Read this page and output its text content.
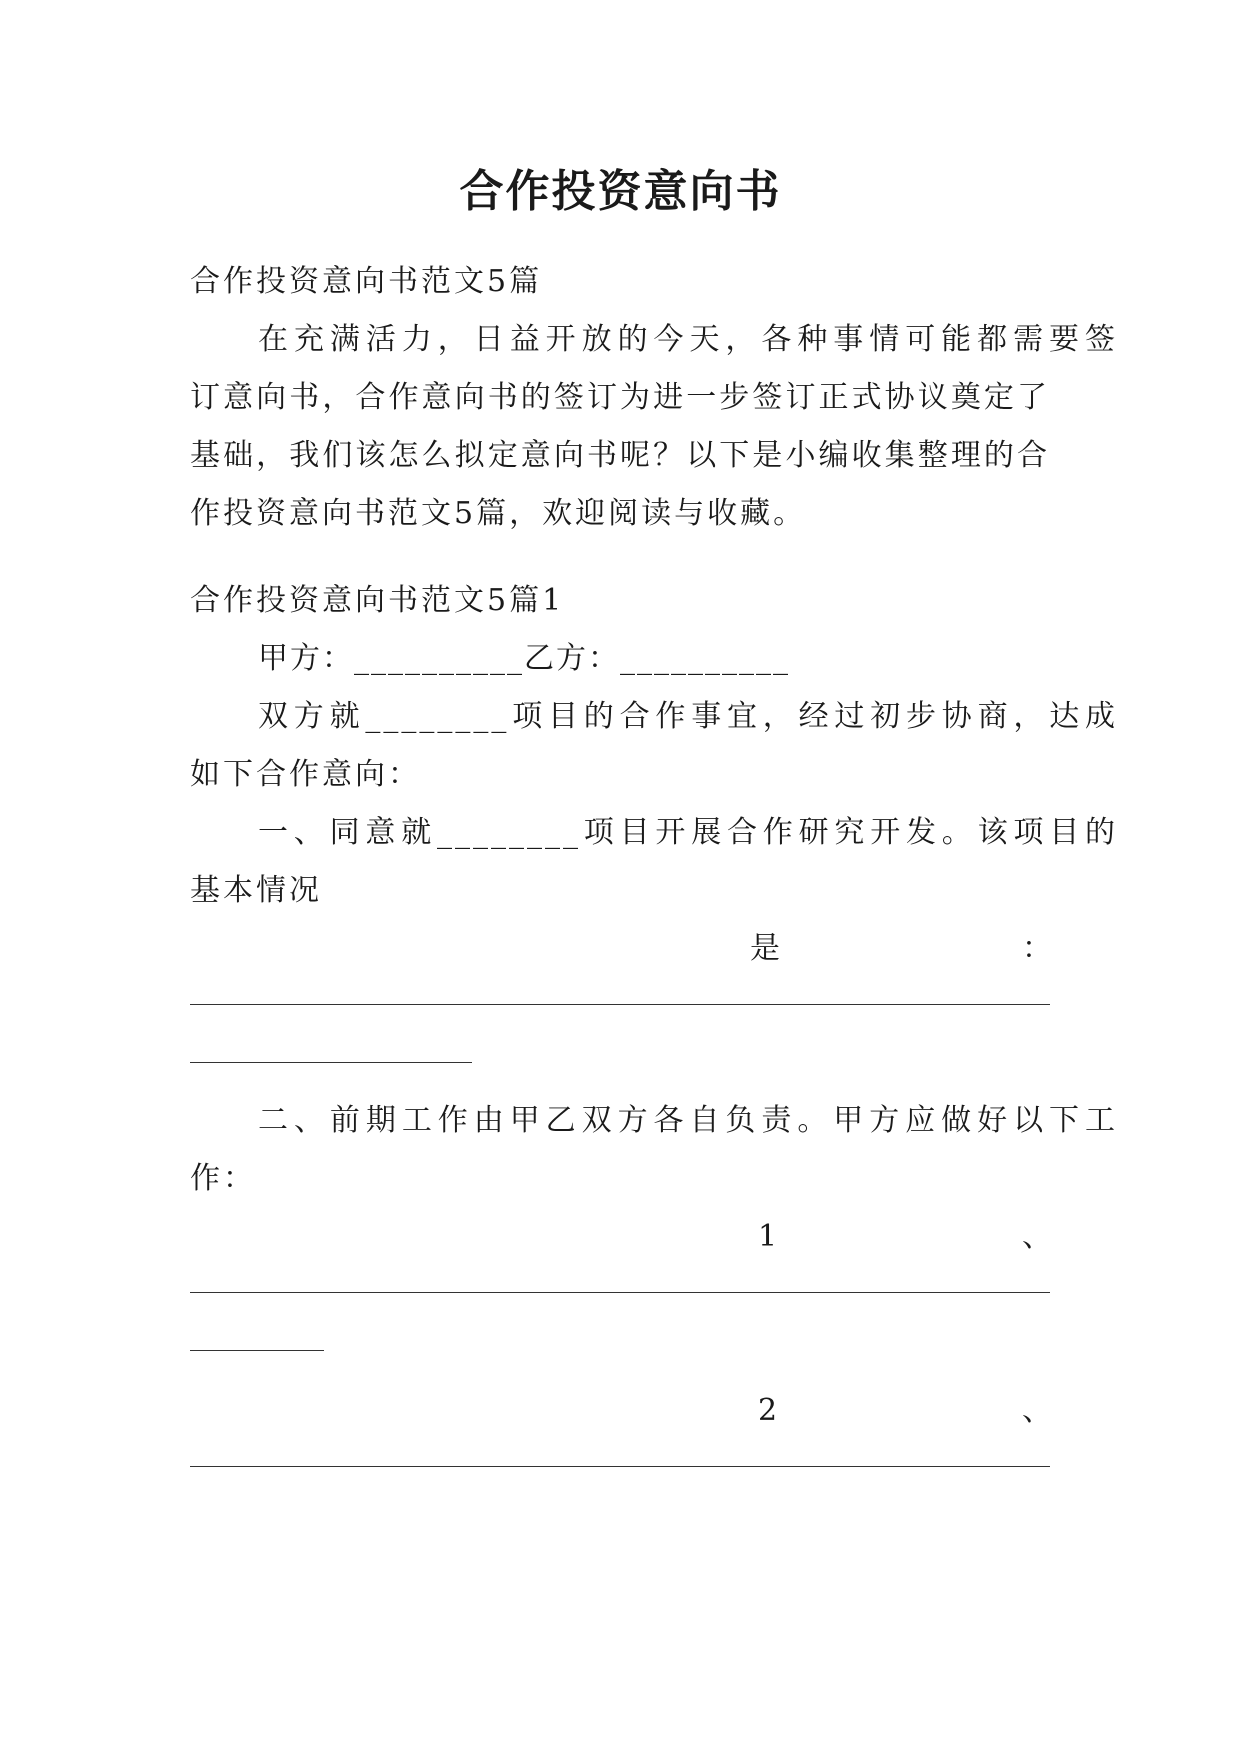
合作投资意向书
合作投资意向书范文5篇
在充满活力，日益开放的今天，各种事情可能都需要签
订意向书，合作意向书的签订为进一步签订正式协议奠定了
基础，我们该怎么拟定意向书呢？以下是小编收集整理的合
作投资意向书范文5篇，欢迎阅读与收藏。
合作投资意向书范文5篇1
甲方：__________乙方：__________
双方就________项目的合作事宜，经过初步协商，达成
如下合作意向：
一、同意就________项目开展合作研究开发。该项目的
基本情况
是	：
二、前期工作由甲乙双方各自负责。甲方应做好以下工
作：
1	、
2	、
